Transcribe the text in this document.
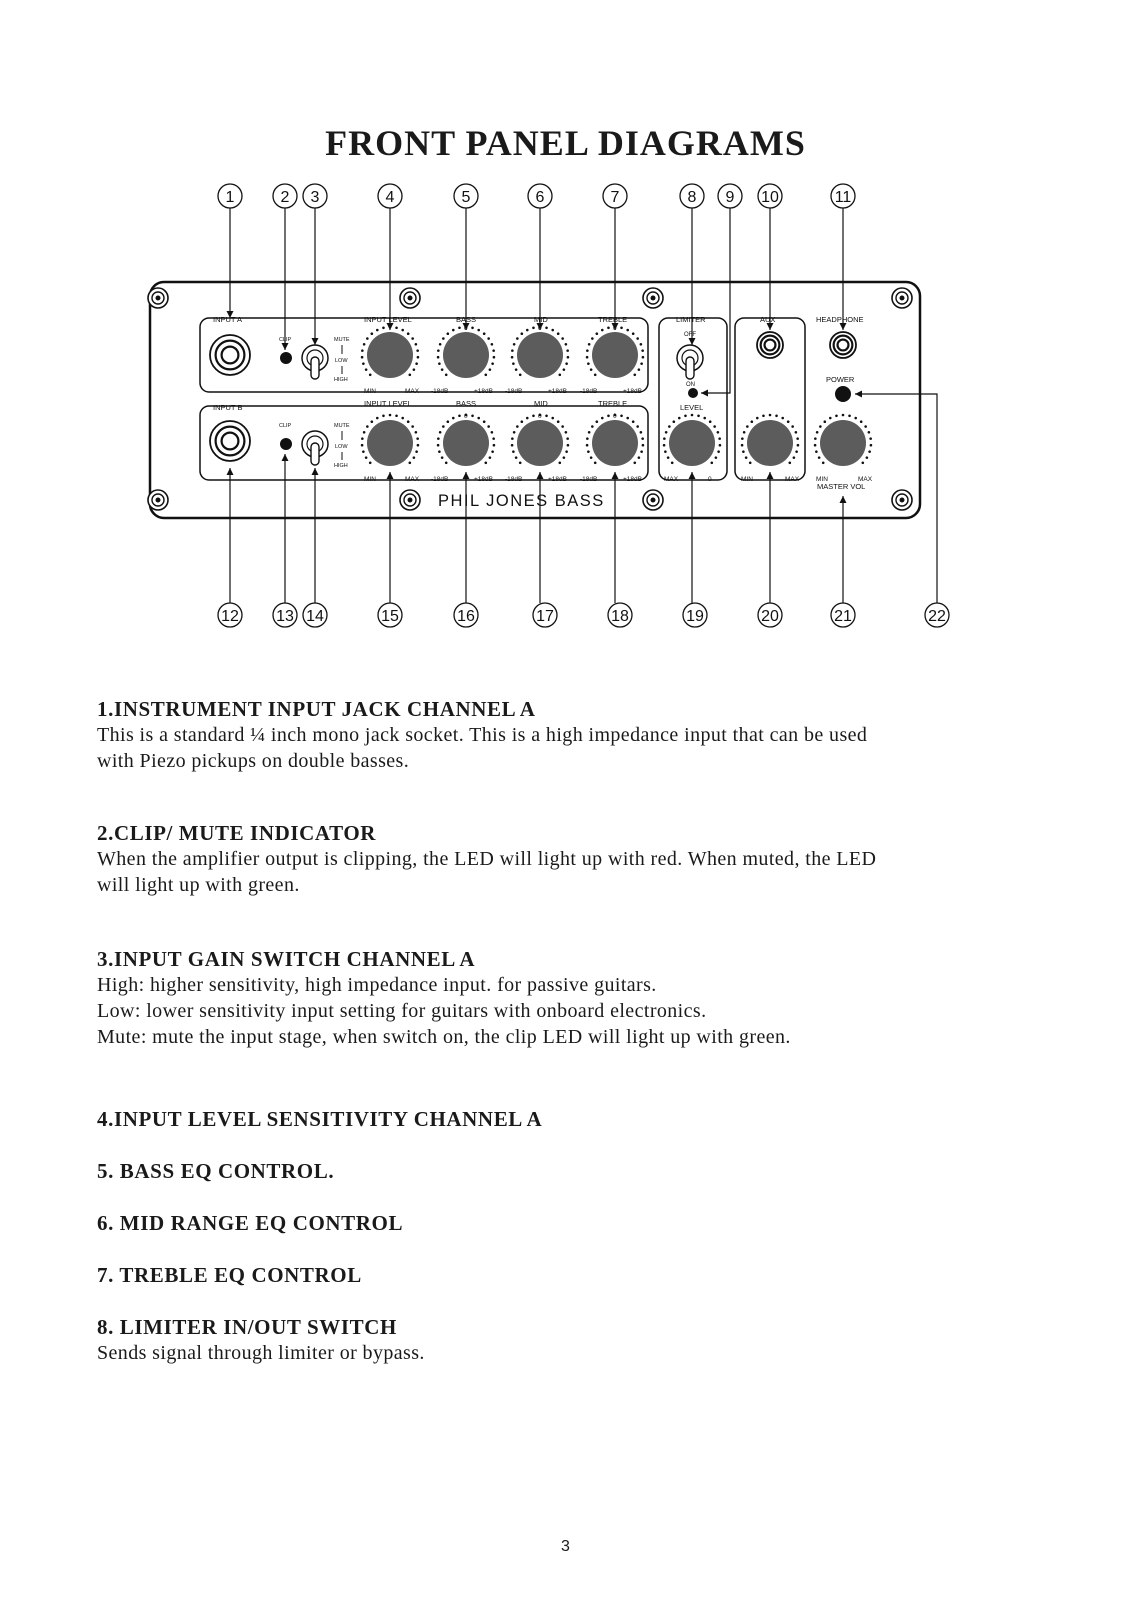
FRONT PANEL DIAGRAMS
INPUT A
INPUT B
CLIP
CLIP
MUTE
LOW
HIGH
MUTE
LOW
HIGH
INPUT LEVEL	BASS	MID	TREBLE
INPUT LEVEL	BASS	MID	TREBLE
LIMITER
OFF
ON
LEVEL
AUX	HEADPHONE
POWER
MASTER VOL
MIN	MAX -18dB	+18dB
0
-18dB	+18dB
0
-18dB	+18dB
0
MIN	MAX -18dB	+18dB
0
-18dB	+18dB
0
-18dB	+18dB
0
MAX	0	MIN	MAX	MIN	MAX
PHIL JONES BASS
1	2 3	4	5	6	7	8 9 10	11
12 13 14	15	16	17	18	19	20	21	22
1.INSTRUMENT INPUT JACK CHANNEL A

This is a standard ¼ inch mono jack socket. This is a high impedance input that can be used

with Piezo pickups on double basses.

2.CLIP/ MUTE INDICATOR

When the amplifier output is clipping, the LED will light up with red. When muted, the LED

will light up with green.

3.INPUT GAIN SWITCH CHANNEL A

High: higher sensitivity, high impedance input. for passive guitars.

Low: lower sensitivity input setting for guitars with onboard electronics.

Mute: mute the input stage, when switch on, the clip LED will light up with green.

4.INPUT LEVEL SENSITIVITY CHANNEL A
5. BASS EQ CONTROL.
6. MID RANGE EQ CONTROL
7. TREBLE EQ CONTROL
8. LIMITER IN/OUT SWITCH

Sends signal through limiter or bypass.

3
